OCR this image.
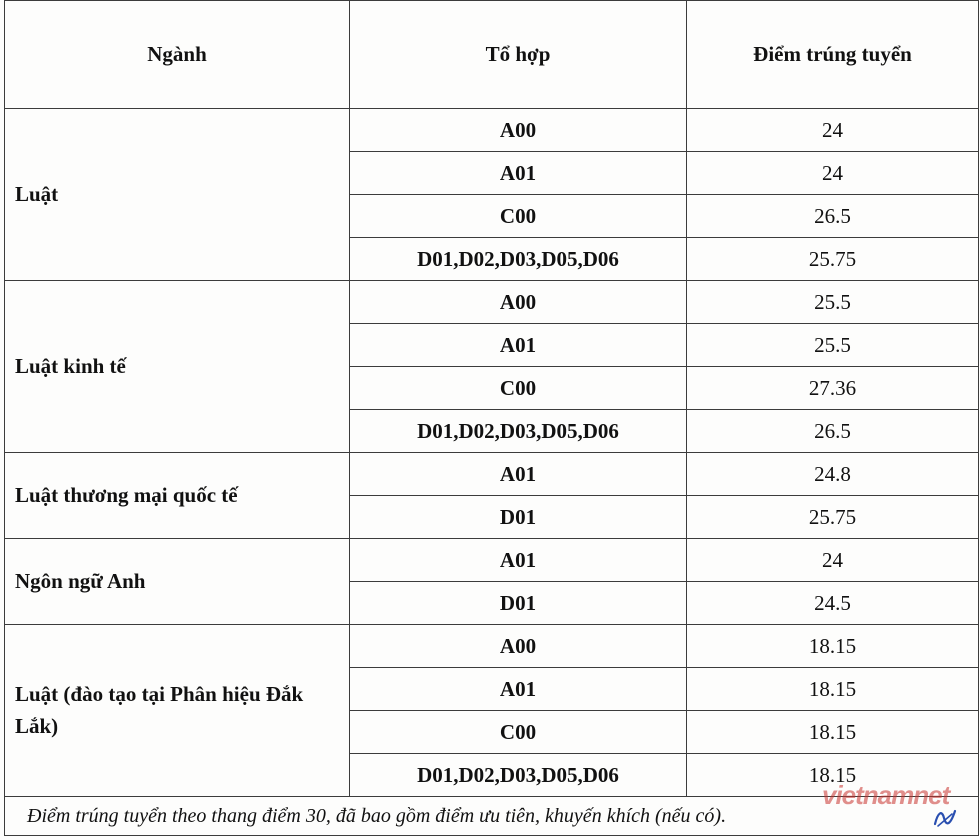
Ngành	Tổ hợp	Điểm trúng tuyển
Luật	A00	24
	A01	24
	C00	26.5
	D01,D02,D03,D05,D06	25.75
Luật kinh tế	A00	25.5
	A01	25.5
	C00	27.36
	D01,D02,D03,D05,D06	26.5
Luật thương mại quốc tế	A01	24.8
	D01	25.75
Ngôn ngữ Anh	A01	24
	D01	24.5
Luật (đào tạo tại Phân hiệu Đắk Lắk)	A00	18.15
	A01	18.15
	C00	18.15
	D01,D02,D03,D05,D06	18.15
Điểm trúng tuyển theo thang điểm 30, đã bao gồm điểm ưu tiên, khuyến khích (nếu có).		
vietnamnet
